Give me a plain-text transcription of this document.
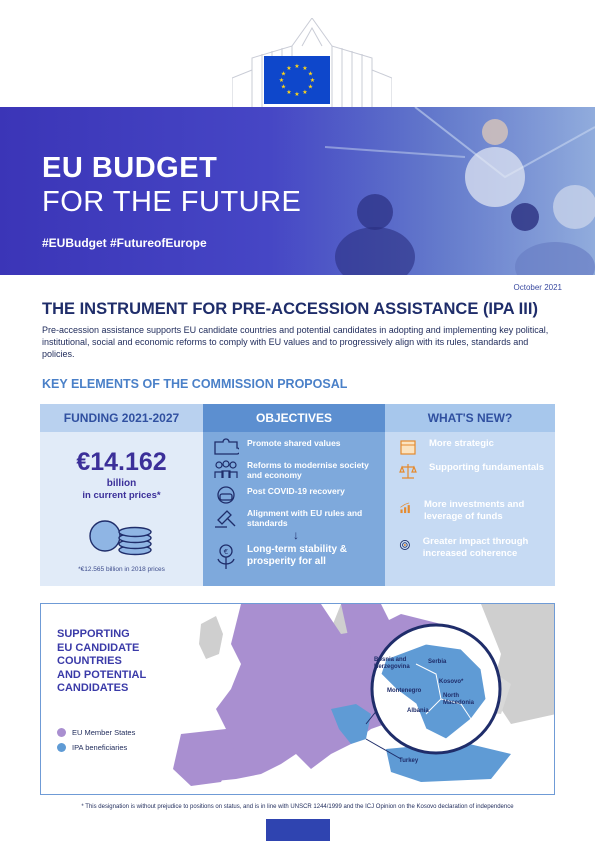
★ ★
★
★
★
★
★
★
★
★
★
★
EU BUDGET
FOR THE FUTURE
#EUBudget #FutureofEurope
October 2021
THE INSTRUMENT FOR PRE-ACCESSION ASSISTANCE (IPA III)
Pre-accession assistance supports EU candidate countries and potential candidates in adopting and implementing key political, institutional, social and economic reforms to comply with EU values and to progressively align with its rules, standards and policies.
KEY ELEMENTS OF THE COMMISSION PROPOSAL
FUNDING 2021-2027
€14.162
billion
in current prices*
*€12.565 billion in 2018 prices
OBJECTIVES
Promote shared values
Reforms to modernise society and economy
Post COVID-19 recovery
Alignment with EU rules and standards
↓
€ Long-term stability & prosperity for all
WHAT'S NEW?
More strategic
Supporting fundamentals
More investments and leverage of funds
Greater impact through increased coherence
SUPPORTING
EU CANDIDATE
COUNTRIES
AND POTENTIAL
CANDIDATES
EU Member States
IPA beneficiaries
Bosnia and Herzegovina
Serbia
Kosovo*
Montenegro
North Macedonia
Albania
Turkey
* This designation is without prejudice to positions on status, and is in line with UNSCR 1244/1999 and the ICJ Opinion on the Kosovo declaration of independence
